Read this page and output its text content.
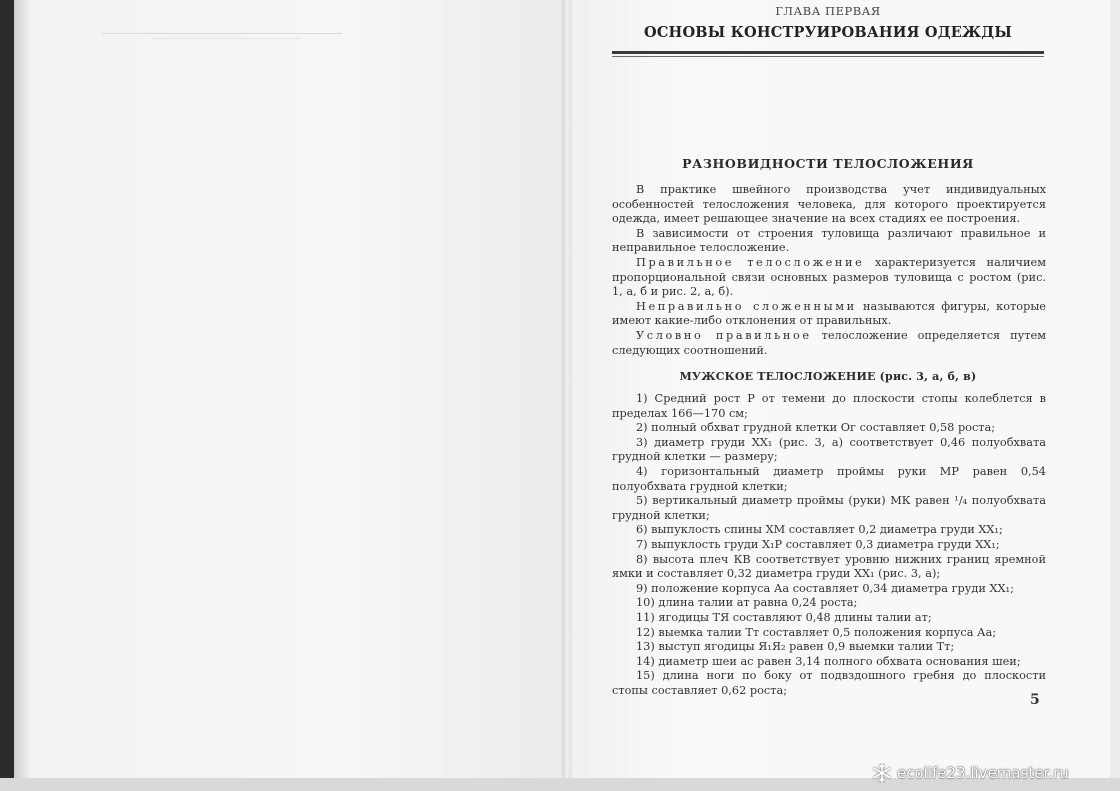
ГЛАВА ПЕРВАЯ
ОСНОВЫ КОНСТРУИРОВАНИЯ ОДЕЖДЫ
РАЗНОВИДНОСТИ ТЕЛОСЛОЖЕНИЯ

В практике швейного производства учет индивидуальных особенностей телосложения человека, для которого проектируется одежда, имеет решающее значение на всех стадиях ее построения.

В зависимости от строения туловища различают правильное и неправильное телосложение.

Правильное телосложение характеризуется наличием пропорциональной связи основных размеров туловища с ростом (рис. 1, а, б и рис. 2, а, б).

Неправильно сложенными называются фигуры, которые имеют какие-либо отклонения от правильных.

Условно правильное телосложение определяется путем следующих соотношений.

МУЖСКОЕ ТЕЛОСЛОЖЕНИЕ (рис. 3, а, б, в)

1) Средний рост Р от темени до плоскости стопы колеблется в пределах 166—170 см;

2) полный обхват грудной клетки Ог составляет 0,58 роста;

3) диаметр груди XX₁ (рис. 3, а) соответствует 0,46 полуобхвата грудной клетки — размеру;

4) горизонтальный диаметр проймы руки МР равен 0,54 полуобхвата грудной клетки;

5) вертикальный диаметр проймы (руки) МК равен ¹/₄ полуобхвата грудной клетки;

6) выпуклость спины XM составляет 0,2 диаметра груди XX₁;

7) выпуклость груди X₁Р составляет 0,3 диаметра груди XX₁;

8) высота плеч КВ соответствует уровню нижних границ яремной ямки и составляет 0,32 диаметра груди XX₁ (рис. 3, а);

9) положение корпуса Аа составляет 0,34 диаметра груди XX₁;

10) длина талии ат равна 0,24 роста;

11) ягодицы ТЯ составляют 0,48 длины талии ат;

12) выемка талии Тт составляет 0,5 положения корпуса Аа;

13) выступ ягодицы Я₁Я₂ равен 0,9 выемки талии Тт;

14) диаметр шеи ас равен 3,14 полного обхвата основания шеи;

15) длина ноги по боку от подвздошного гребня до плоскости стопы составляет 0,62 роста;

5
ecolife23.livemaster.ru
